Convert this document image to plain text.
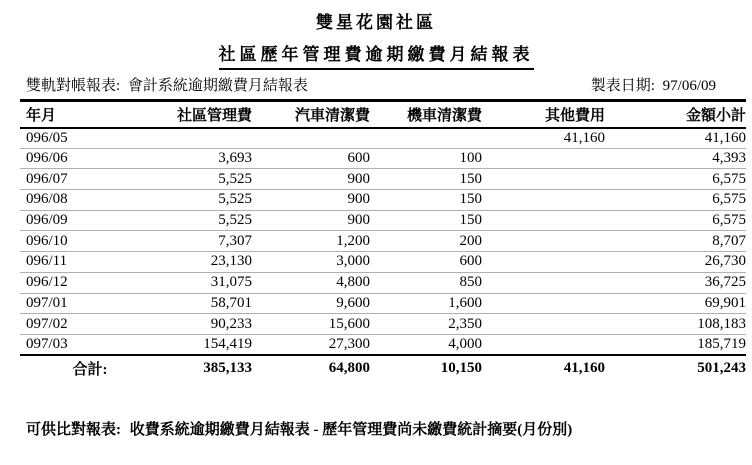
雙星花園社區
社區歷年管理費逾期繳費月結報表
雙軌對帳報表: 會計系統逾期繳費月結報表	製表日期: 97/06/09
年月	社區管理費	汽車清潔費	機車清潔費	其他費用	金額小計
096/05				41,160	41,160
096/06	3,693	600	100		4,393
096/07	5,525	900	150		6,575
096/08	5,525	900	150		6,575
096/09	5,525	900	150		6,575
096/10	7,307	1,200	200		8,707
096/11	23,130	3,000	600		26,730
096/12	31,075	4,800	850		36,725
097/01	58,701	9,600	1,600		69,901
097/02	90,233	15,600	2,350		108,183
097/03	154,419	27,300	4,000		185,719
合計:	385,133	64,800	10,150	41,160	501,243
可供比對報表: 收費系統逾期繳費月結報表 - 歷年管理費尚未繳費統計摘要(月份別)
